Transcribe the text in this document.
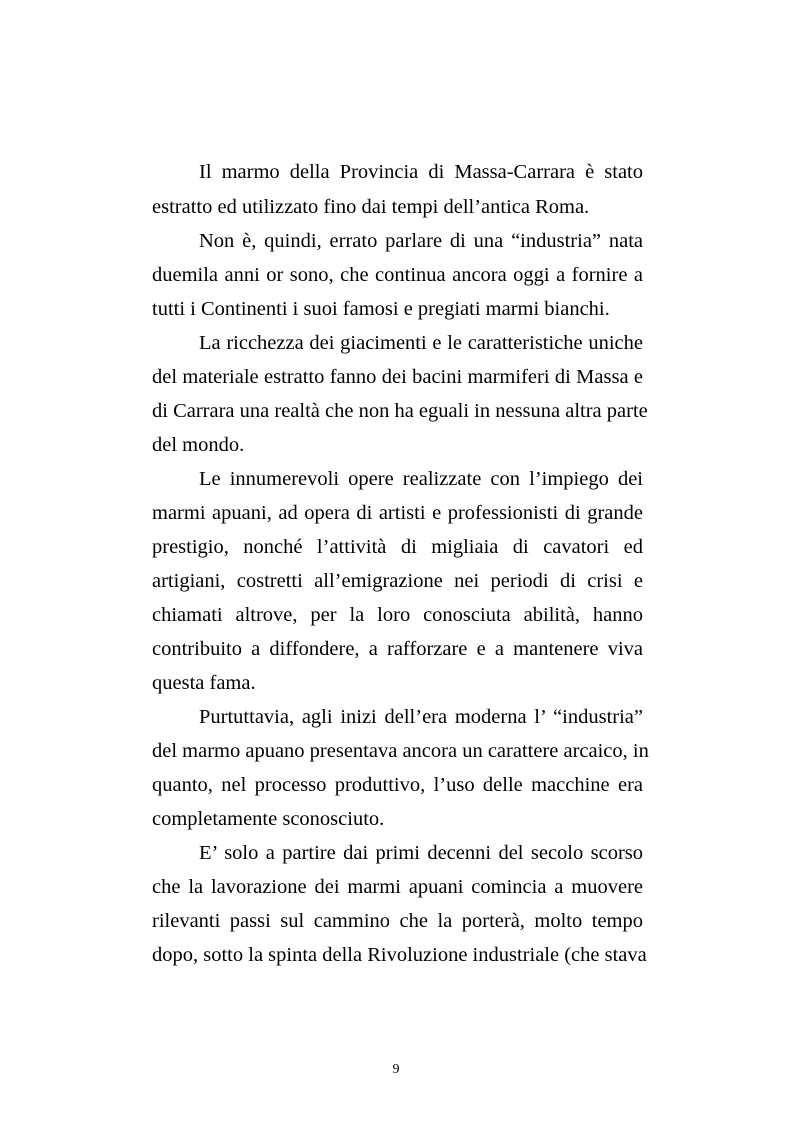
Il marmo della Provincia di Massa-Carrara è stato
estratto ed utilizzato fino dai tempi dell’antica Roma.
Non è, quindi, errato parlare di una “industria” nata
duemila anni or sono, che continua ancora oggi a fornire a
tutti i Continenti i suoi famosi e pregiati marmi bianchi.
La ricchezza dei giacimenti e le caratteristiche uniche
del materiale estratto fanno dei bacini marmiferi di Massa e
di Carrara una realtà che non ha eguali in nessuna altra parte
del mondo.
Le innumerevoli opere realizzate con l’impiego dei
marmi apuani, ad opera di artisti e professionisti di grande
prestigio, nonché l’attività di migliaia di cavatori ed
artigiani, costretti all’emigrazione nei periodi di crisi e
chiamati altrove, per la loro conosciuta abilità, hanno
contribuito a diffondere, a rafforzare e a mantenere viva
questa fama.
Purtuttavia, agli inizi dell’era moderna l’ “industria”
del marmo apuano presentava ancora un carattere arcaico, in
quanto, nel processo produttivo, l’uso delle macchine era
completamente sconosciuto.
E’ solo a partire dai primi decenni del secolo scorso
che la lavorazione dei marmi apuani comincia a muovere
rilevanti passi sul cammino che la porterà, molto tempo
dopo, sotto la spinta della Rivoluzione industriale (che stava
9
